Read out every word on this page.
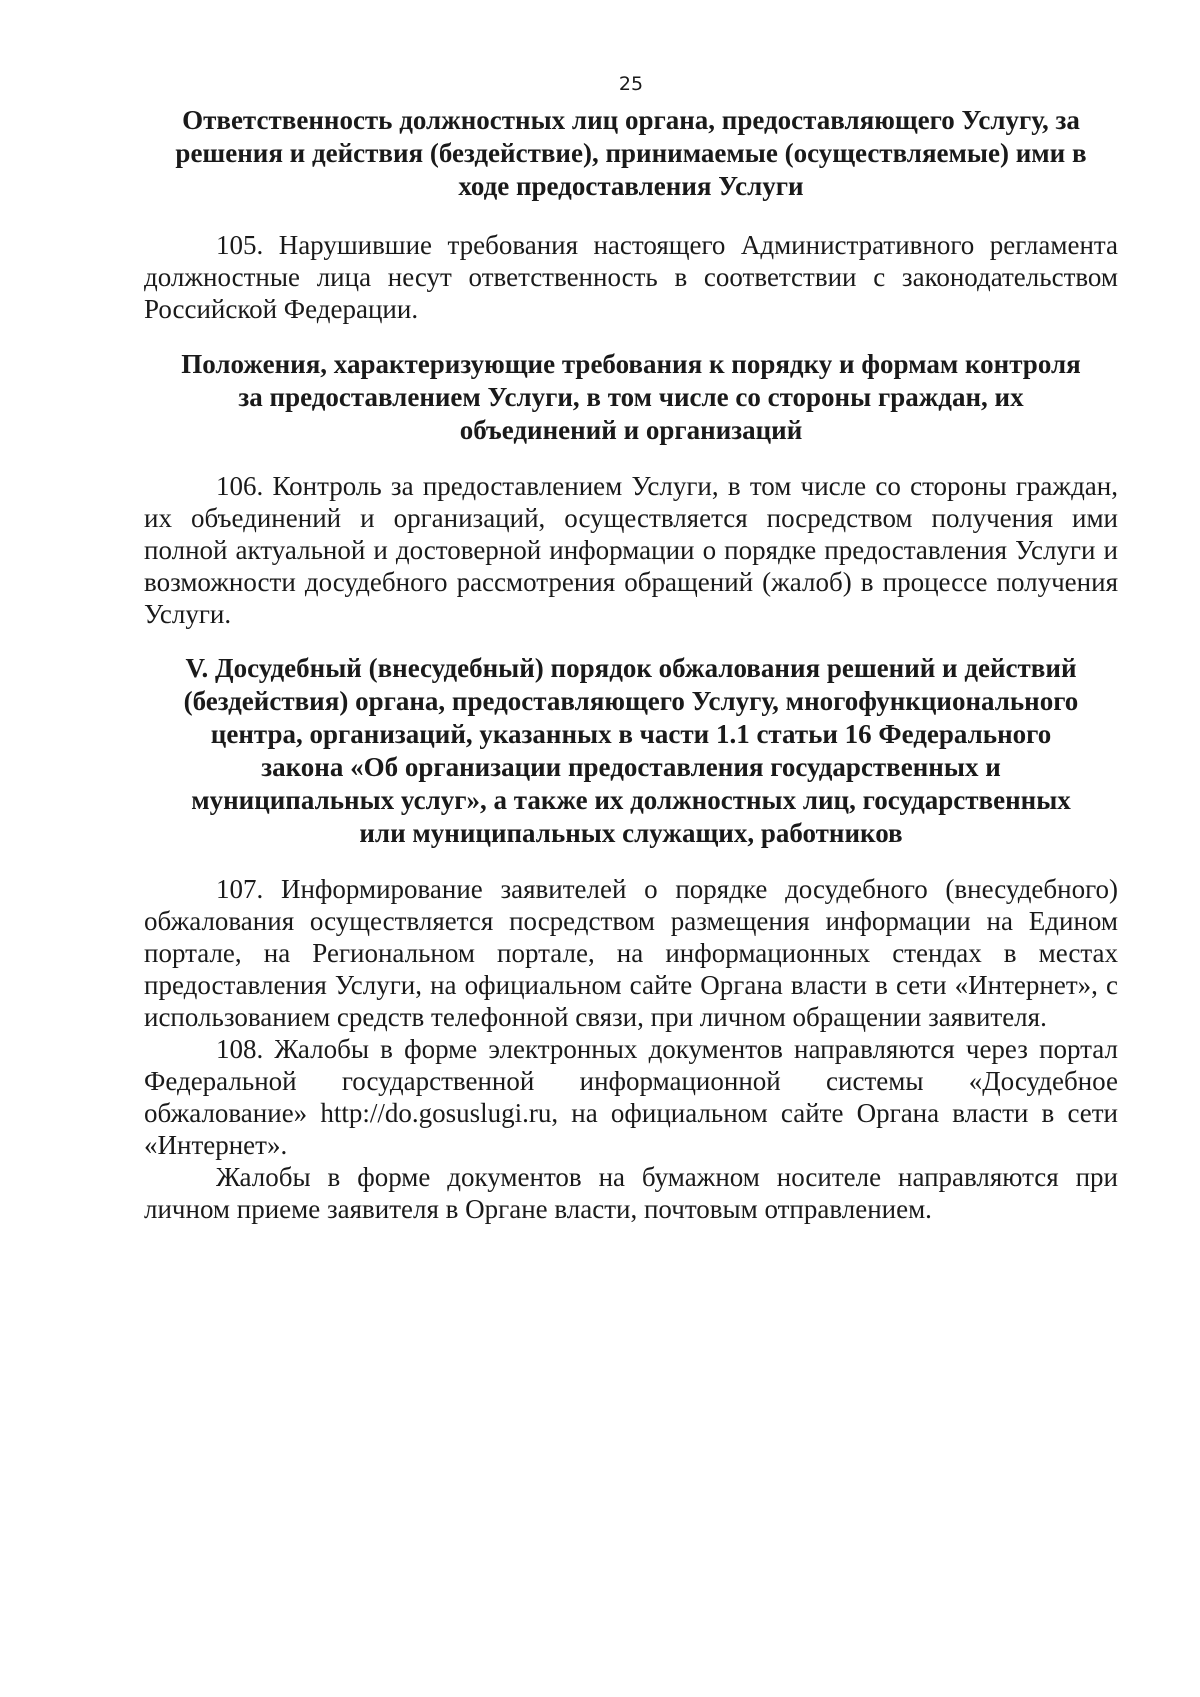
25
Ответственность должностных лиц органа, предоставляющего Услугу, за
решения и действия (бездействие), принимаемые (осуществляемые) ими в
ходе предоставления Услуги

105. Нарушившие требования настоящего Административного регламента должностные лица несут ответственность в соответствии с законодательством Российской Федерации.

Положения, характеризующие требования к порядку и формам контроля
за предоставлением Услуги, в том числе со стороны граждан, их
объединений и организаций

106. Контроль за предоставлением Услуги, в том числе со стороны граждан, их объединений и организаций, осуществляется посредством получения ими полной актуальной и достоверной информации о порядке предоставления Услуги и возможности досудебного рассмотрения обращений (жалоб) в процессе получения Услуги.

V. Досудебный (внесудебный) порядок обжалования решений и действий
(бездействия) органа, предоставляющего Услугу, многофункционального
центра, организаций, указанных в части 1.1 статьи 16 Федерального
закона «Об организации предоставления государственных и
муниципальных услуг», а также их должностных лиц, государственных
или муниципальных служащих, работников

107. Информирование заявителей о порядке досудебного (внесудебного) обжалования осуществляется посредством размещения информации на Едином портале, на Региональном портале, на информационных стендах в местах предоставления Услуги, на официальном сайте Органа власти в сети «Интернет», с использованием средств телефонной связи, при личном обращении заявителя.

108. Жалобы в форме электронных документов направляются через портал Федеральной государственной информационной системы «Досудебное обжалование» http://do.gosuslugi.ru, на официальном сайте Органа власти в сети «Интернет».

Жалобы в форме документов на бумажном носителе направляются при личном приеме заявителя в Органе власти, почтовым отправлением.
